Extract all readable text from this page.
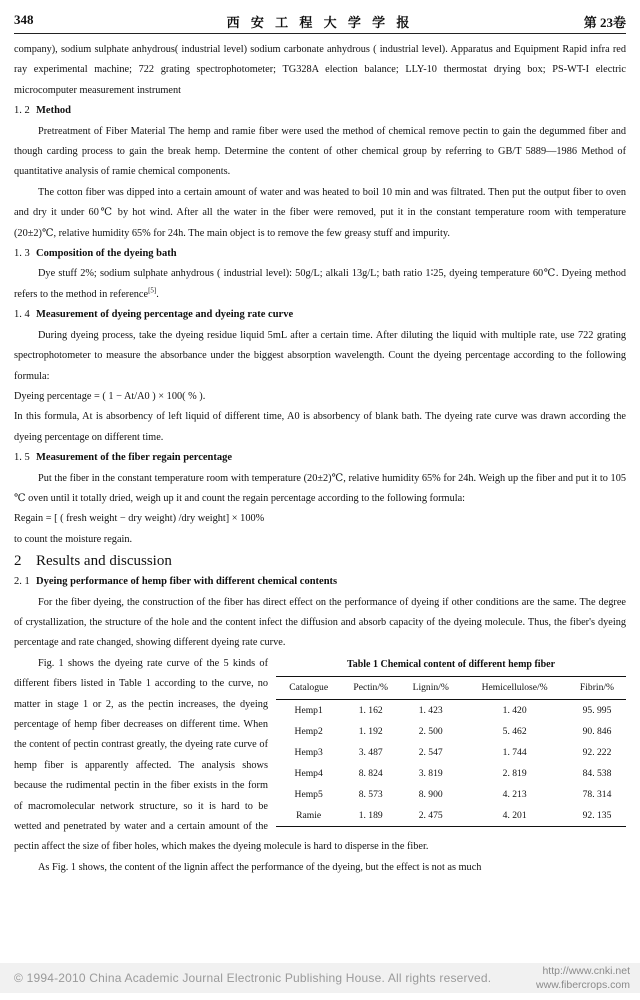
348	西 安 工 程 大 学 学 报	第 23卷

company), sodium sulphate anhydrous( industrial level) sodium carbonate anhydrous ( industrial level). Apparatus and Equipment Rapid infra red ray experimental machine; 722 grating spectrophotometer; TG328A election balance; LLY-10 thermostat drying box; PS-WT-I electric microcomputer measurement instrument

1. 2 Method

Pretreatment of Fiber Material The hemp and ramie fiber were used the method of chemical remove pectin to gain the degummed fiber and though carding process to gain the break hemp. Determine the content of other chemical group by referring to GB/T 5889—1986 Method of quantitative analysis of ramie chemical components.

The cotton fiber was dipped into a certain amount of water and was heated to boil 10 min and was filtrated. Then put the output fiber to oven and dry it under 60℃ by hot wind. After all the water in the fiber were removed, put it in the constant temperature room with temperature (20±2)℃, relative humidity 65% for 24h. The main object is to remove the few greasy stuff and impurity.

1. 3 Composition of the dyeing bath

Dye stuff 2%; sodium sulphate anhydrous ( industrial level): 50g/L; alkali 13g/L; bath ratio 1∶25, dyeing temperature 60℃. Dyeing method refers to the method in reference[5].

1. 4 Measurement of dyeing percentage and dyeing rate curve

During dyeing process, take the dyeing residue liquid 5mL after a certain time. After diluting the liquid with multiple rate, use 722 grating spectrophotometer to measure the absorbance under the biggest absorption wavelength. Count the dyeing percentage according to the following formula:

Dyeing percentage = ( 1 − At/A0 ) × 100( % ).

In this formula, At is absorbency of left liquid of different time, A0 is absorbency of blank bath. The dyeing rate curve was drawn according the dyeing percentage on different time.

1. 5 Measurement of the fiber regain percentage

Put the fiber in the constant temperature room with temperature (20±2)℃, relative humidity 65% for 24h. Weigh up the fiber and put it to 105 ℃ oven until it totally dried, weigh up it and count the regain percentage according to the following formula:

Regain = [ ( fresh weight − dry weight) /dry weight] × 100%

to count the moisture regain.

2 Results and discussion

2. 1 Dyeing performance of hemp fiber with different chemical contents

For the fiber dyeing, the construction of the fiber has direct effect on the performance of dyeing if other conditions are the same. The degree of crystallization, the structure of the hole and the content infect the diffusion and absorb capacity of the dyeing molecule. Thus, the fiber's dyeing percentage and rate changed, showing different dyeing rate curve.

Table 1 Chemical content of different hemp fiber
Catalogue	Pectin/%	Lignin/%	Hemicellulose/%	Fibrin/%
Hemp1	1. 162	1. 423	1. 420	95. 995
Hemp2	1. 192	2. 500	5. 462	90. 846
Hemp3	3. 487	2. 547	1. 744	92. 222
Hemp4	8. 824	3. 819	2. 819	84. 538
Hemp5	8. 573	8. 900	4. 213	78. 314
Ramie	1. 189	2. 475	4. 201	92. 135

Fig. 1 shows the dyeing rate curve of the 5 kinds of different fibers listed in Table 1 according to the curve, no matter in stage 1 or 2, as the pectin increases, the dyeing percentage of hemp fiber decreases on different time. When the content of pectin contrast greatly, the dyeing rate curve of hemp fiber is apparently affected. The analysis shows because the rudimental pectin in the fiber exists in the form of macromolecular network structure, so it is hard to be wetted and penetrated by water and a certain amount of the pectin affect the size of fiber holes, which makes the dyeing molecule is hard to disperse in the fiber.

As Fig. 1 shows, the content of the lignin affect the performance of the dyeing, but the effect is not as much

© 1994-2010 China Academic Journal Electronic Publishing House. All rights reserved.	http://www.cnki.net
www.fibercrops.com
